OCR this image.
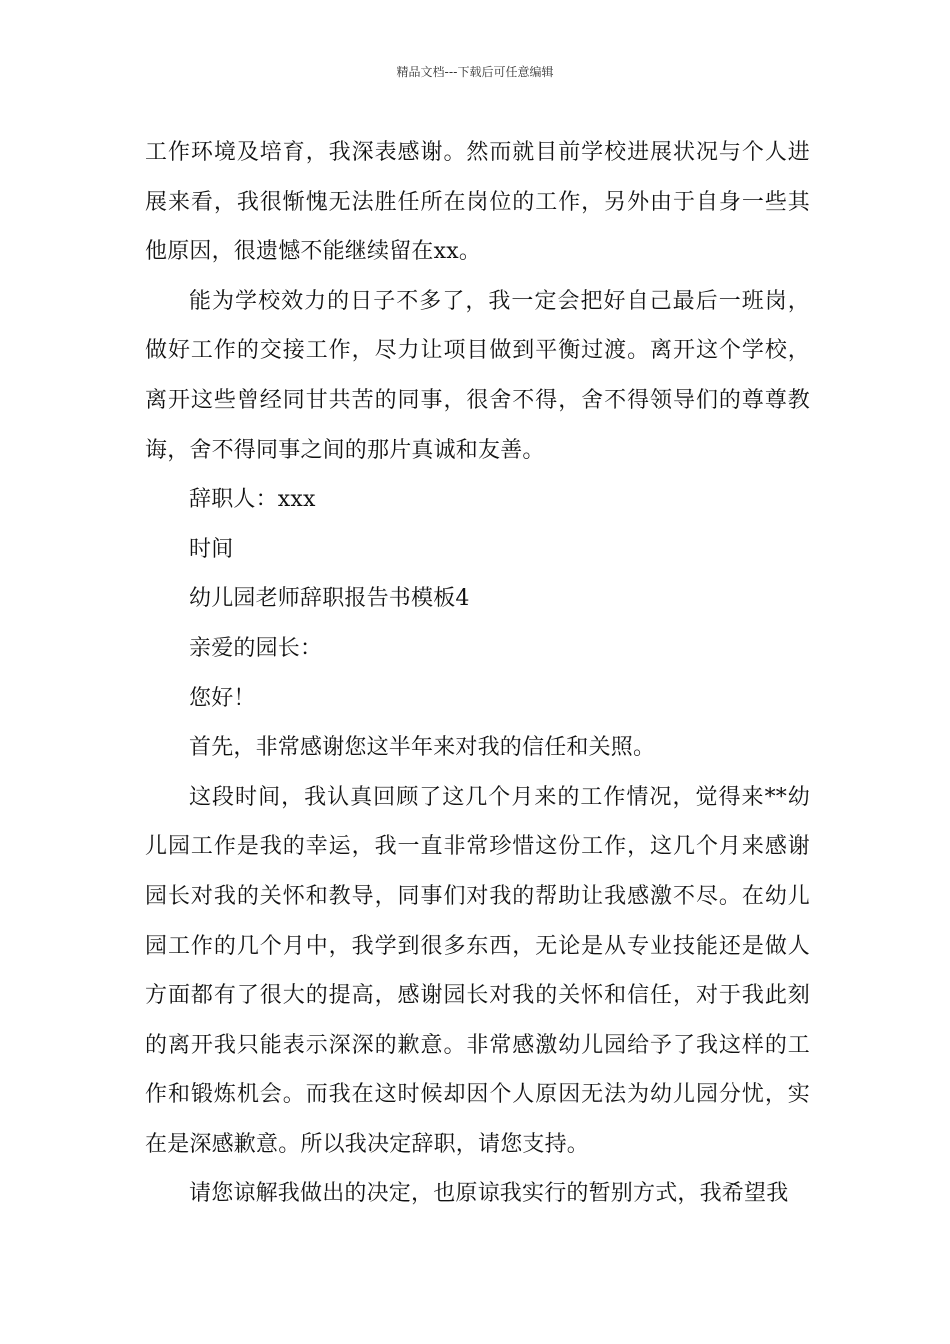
精品文档---下载后可任意编辑

工作环境及培育，我深表感谢。然而就目前学校进展状况与个人进展来看，我很惭愧无法胜任所在岗位的工作，另外由于自身一些其他原因，很遗憾不能继续留在xx。

能为学校效力的日子不多了，我一定会把好自己最后一班岗，做好工作的交接工作，尽力让项目做到平衡过渡。离开这个学校，离开这些曾经同甘共苦的同事，很舍不得，舍不得领导们的尊尊教诲，舍不得同事之间的那片真诚和友善。

辞职人：xxx

时间

幼儿园老师辞职报告书模板4

亲爱的园长：

您好！

首先，非常感谢您这半年来对我的信任和关照。

这段时间，我认真回顾了这几个月来的工作情况，觉得来**幼儿园工作是我的幸运，我一直非常珍惜这份工作，这几个月来感谢园长对我的关怀和教导，同事们对我的帮助让我感激不尽。在幼儿园工作的几个月中，我学到很多东西，无论是从专业技能还是做人方面都有了很大的提高，感谢园长对我的关怀和信任，对于我此刻的离开我只能表示深深的歉意。非常感激幼儿园给予了我这样的工作和锻炼机会。而我在这时候却因个人原因无法为幼儿园分忧，实在是深感歉意。所以我决定辞职，请您支持。

请您谅解我做出的决定，也原谅我实行的暂别方式，我希望我
